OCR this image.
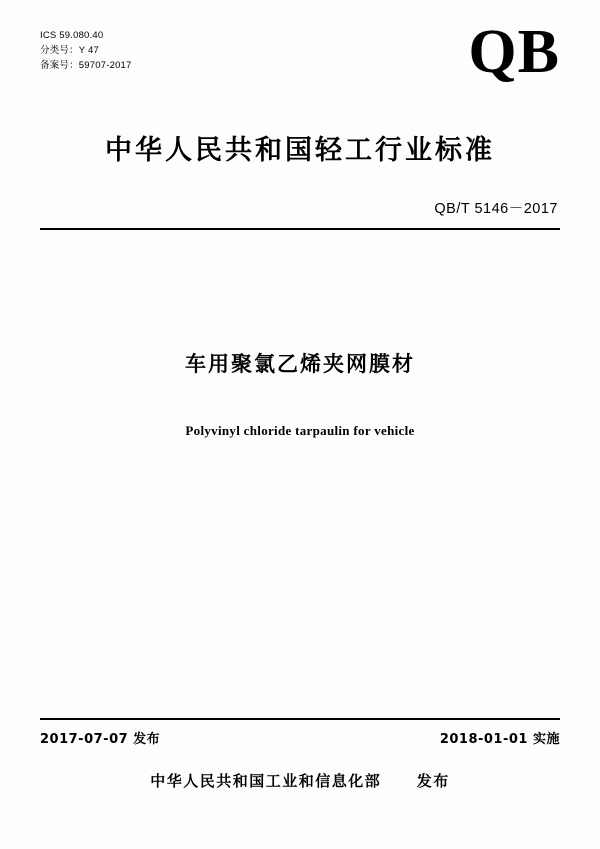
ICS 59.080.40
分类号：Y 47
备案号：59707-2017	QB
中华人民共和国轻工行业标准
QB/T 5146－2017
车用聚氯乙烯夹网膜材
Polyvinyl chloride tarpaulin for vehicle
2017-07-07 发布	2018-01-01 实施
中华人民共和国工业和信息化部 发布
